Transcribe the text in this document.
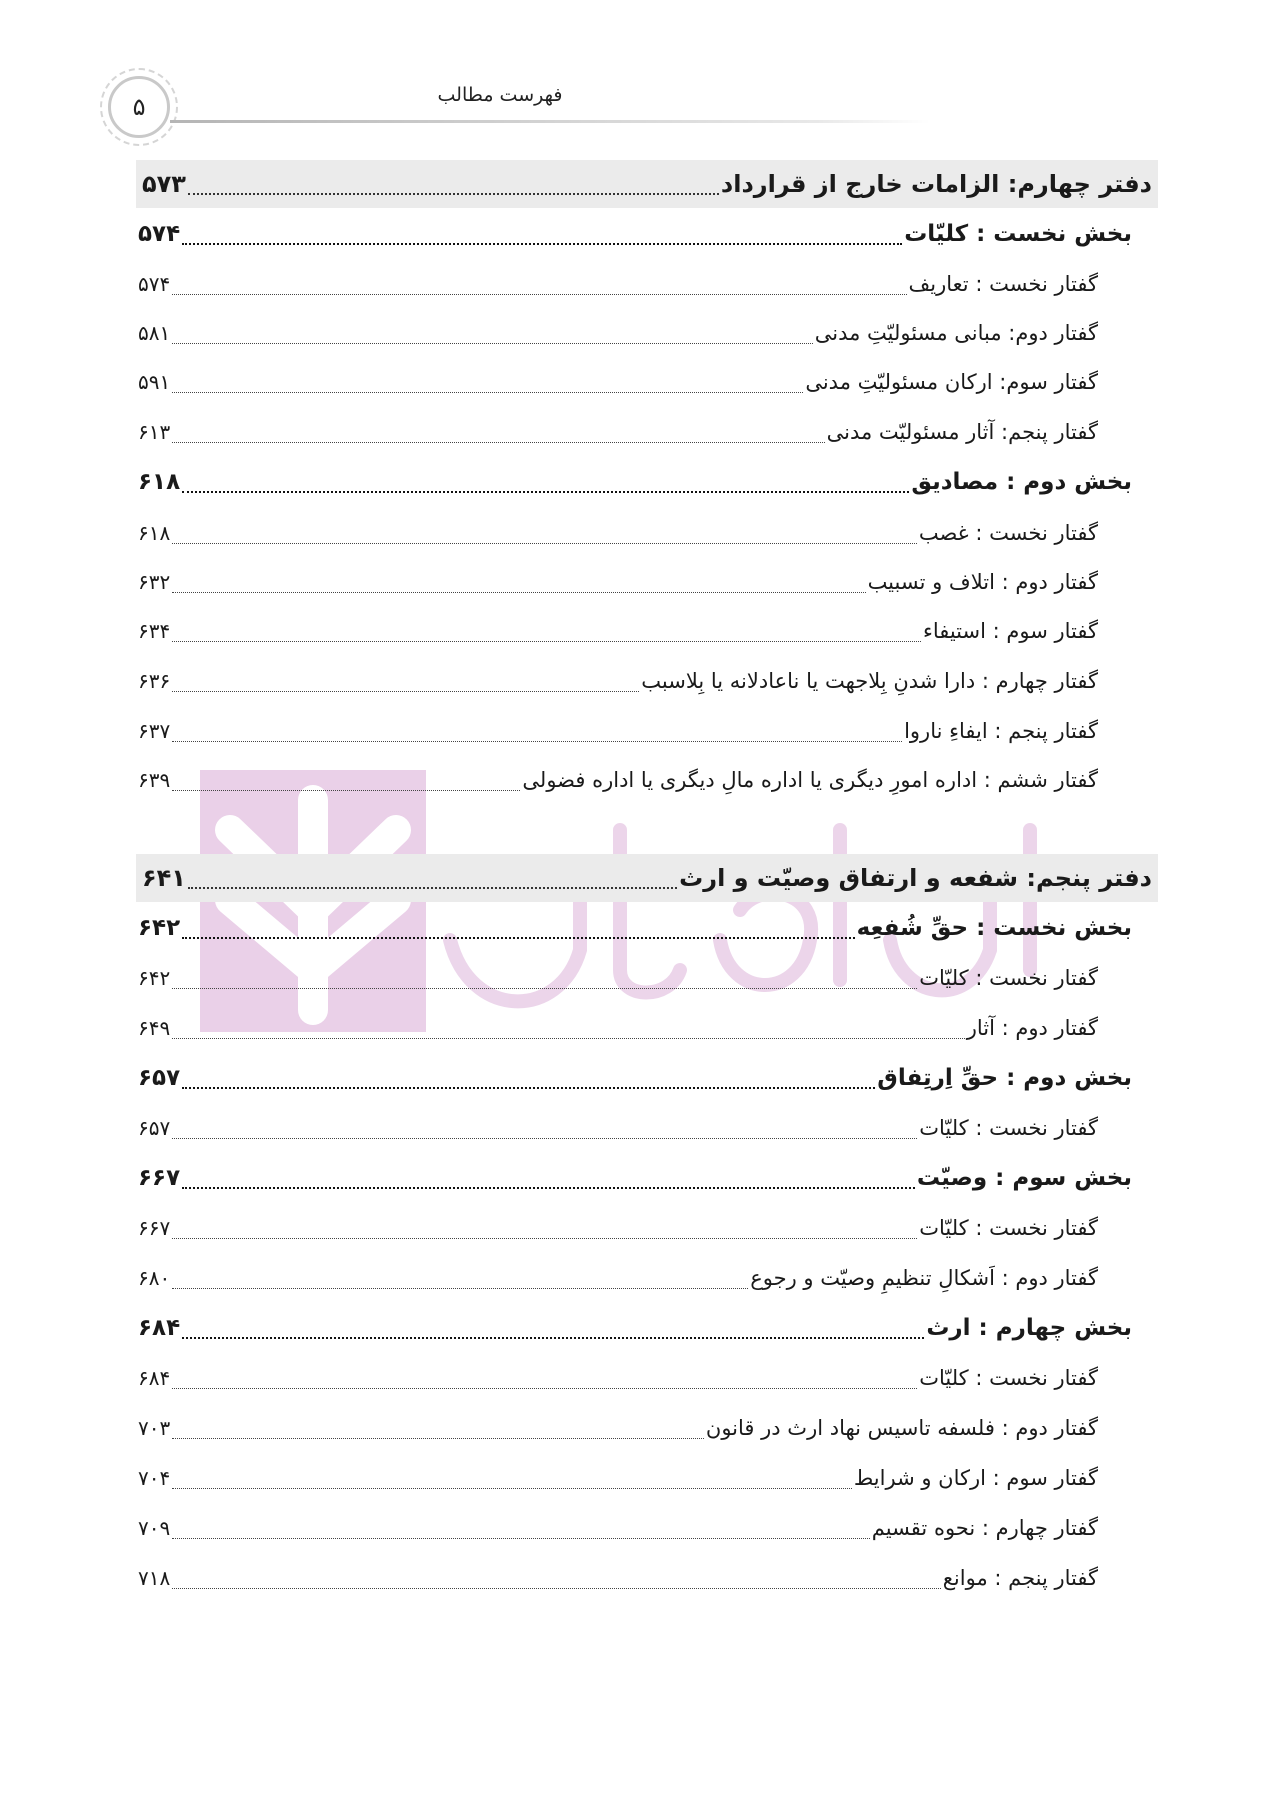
۵	فهرست مطالب
دفتر چهارم: الزامات خارج از قرارداد
۵۷۳
بخش نخست : کلیّات
۵۷۴
گفتار نخست : تعاریف
۵۷۴
گفتار دوم: مبانی مسئولیّتِ مدنی
۵۸۱
گفتار سوم: ارکان مسئولیّتِ مدنی
۵۹۱
گفتار پنجم: آثار مسئولیّت مدنی
۶۱۳
بخش دوم : مصادیق
۶۱۸
گفتار نخست : غصب
۶۱۸
گفتار دوم : اتلاف و تسبیب
۶۳۲
گفتار سوم : استیفاء
۶۳۴
گفتار چهارم : دارا شدنِ بِلاجهت یا ناعادلانه یا بِلاسبب
۶۳۶
گفتار پنجم : ایفاءِ ناروا
۶۳۷
گفتار ششم : اداره امورِ دیگری یا اداره مالِ دیگری یا اداره فضولی
۶۳۹
دفتر پنجم: شفعه و ارتفاق وصیّت و ارث
۶۴۱
بخش نخست : حقِّ شُفعِه
۶۴۲
گفتار نخست : کلیّات
۶۴۲
گفتار دوم : آثار
۶۴۹
بخش دوم : حقِّ اِرتِفاق
۶۵۷
گفتار نخست : کلیّات
۶۵۷
بخش سوم : وصیّت
۶۶۷
گفتار نخست : کلیّات
۶۶۷
گفتار دوم : اَشکالِ تنظیمِ وصیّت و رجوع
۶۸۰
بخش چهارم : ارث
۶۸۴
گفتار نخست : کلیّات
۶۸۴
گفتار دوم : فلسفه تاسیس نهاد ارث در قانون
۷۰۳
گفتار سوم : ارکان و شرایط
۷۰۴
گفتار چهارم : نحوه تقسیم
۷۰۹
گفتار پنجم : موانع
۷۱۸
